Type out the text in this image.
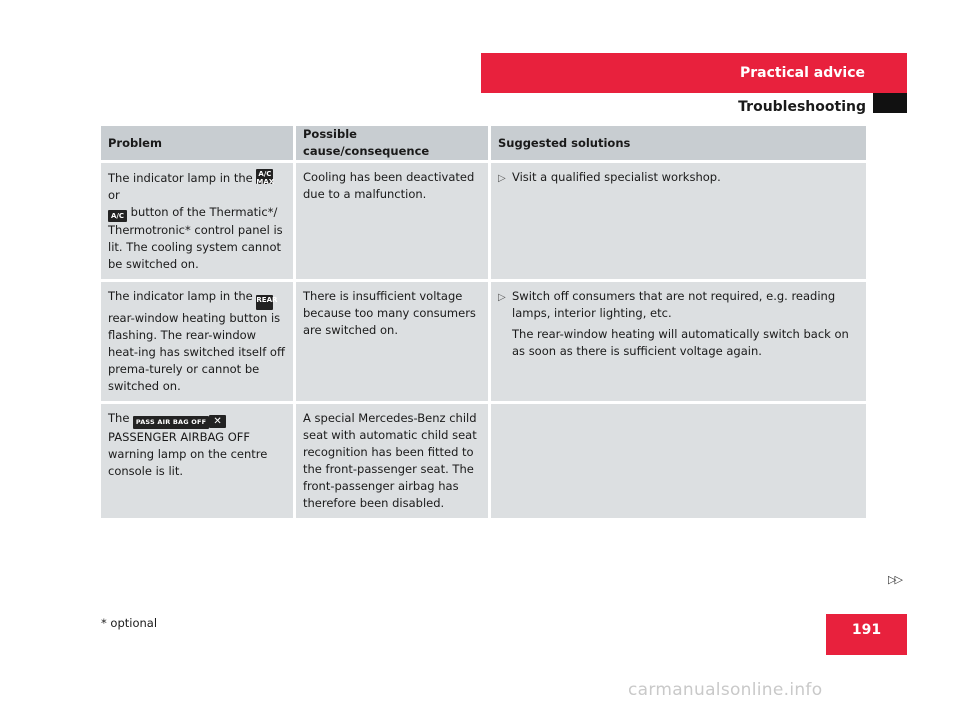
Practical advice
Troubleshooting
Problem	Possible cause/consequence	Suggested solutions
The indicator lamp in the A/C MAX or
A/C button of the Thermatic*/ Thermotronic* control panel is lit. The cooling system cannot be switched on.	Cooling has been deactivated due to a malfunction.	▷ Visit a qualified specialist workshop.

The indicator lamp in the REAR rear-window heating button is flashing. The rear-window heat-ing has switched itself off prema-turely or cannot be switched on.	There is insufficient voltage because too many consumers are switched on.	▷ Switch off consumers that are not required, e.g. reading lamps, interior lighting, etc.

The rear-window heating will automatically switch back on as soon as there is sufficient voltage again.

The PASS AIR BAG OFF ✕ PASSENGER AIRBAG OFF warning lamp on the centre console is lit.	A special Mercedes-Benz child seat with automatic child seat recognition has been fitted to the front-passenger seat. The front-passenger airbag has therefore been disabled.	
▷▷
* optional	191
carmanualsonline.info
